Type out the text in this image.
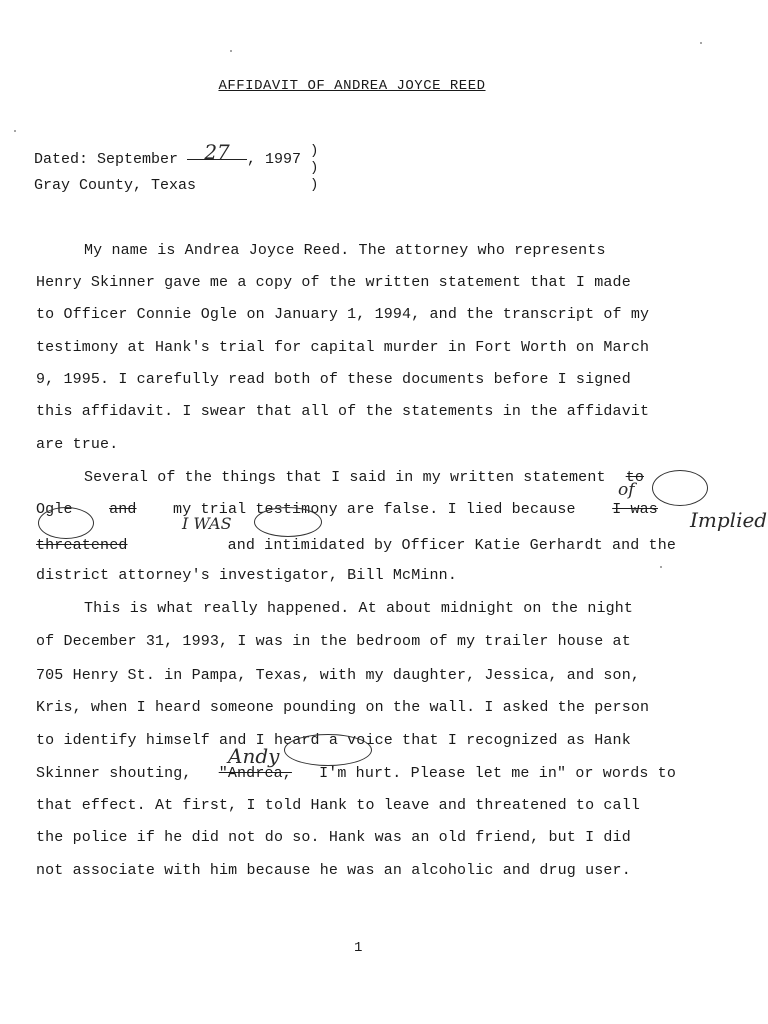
AFFIDAVIT OF ANDREA JOYCE REED
Dated: September 27 , 1997
Gray County, Texas
)
)
)
My name is Andrea Joyce Reed. The attorney who represents
Henry Skinner gave me a copy of the written statement that I made
to Officer Connie Ogle on January 1, 1994, and the transcript of my
testimony at Hank's trial for capital murder in Fort Worth on March
9, 1995. I carefully read both of these documents before I signed
this affidavit. I swear that all of the statements in the affidavit
are true.
Several of the things that I said in my written statement to
Ogle and my trial testimony are false. I lied because I was
threatened	and intimidated by Officer Katie Gerhardt and the
district attorney's investigator, Bill McMinn.
of
Implied
I WAS
This is what really happened. At about midnight on the night
of December 31, 1993, I was in the bedroom of my trailer house at
705 Henry St. in Pampa, Texas, with my daughter, Jessica, and son,
Kris, when I heard someone pounding on the wall. I asked the person
to identify himself and I heard a voice that I recognized as Hank
Skinner shouting, "Andrea, I'm hurt. Please let me in" or words to
that effect. At first, I told Hank to leave and threatened to call
the police if he did not do so. Hank was an old friend, but I did
not associate with him because he was an alcoholic and drug user.
Andy
1
